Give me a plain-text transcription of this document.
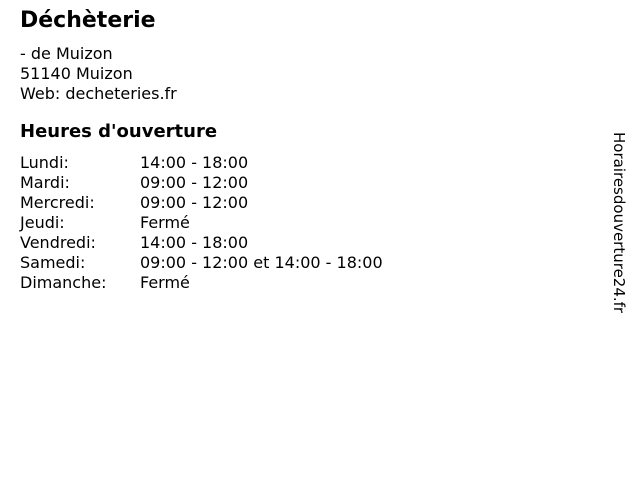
Déchèterie
- de Muizon
51140 Muizon
Web: decheteries.fr
Heures d'ouverture
Lundi:	14:00 - 18:00
Mardi:	09:00 - 12:00
Mercredi:	09:00 - 12:00
Jeudi:	Fermé
Vendredi:	14:00 - 18:00
Samedi:	09:00 - 12:00 et 14:00 - 18:00
Dimanche:	Fermé	Horairesdouverture24.fr
